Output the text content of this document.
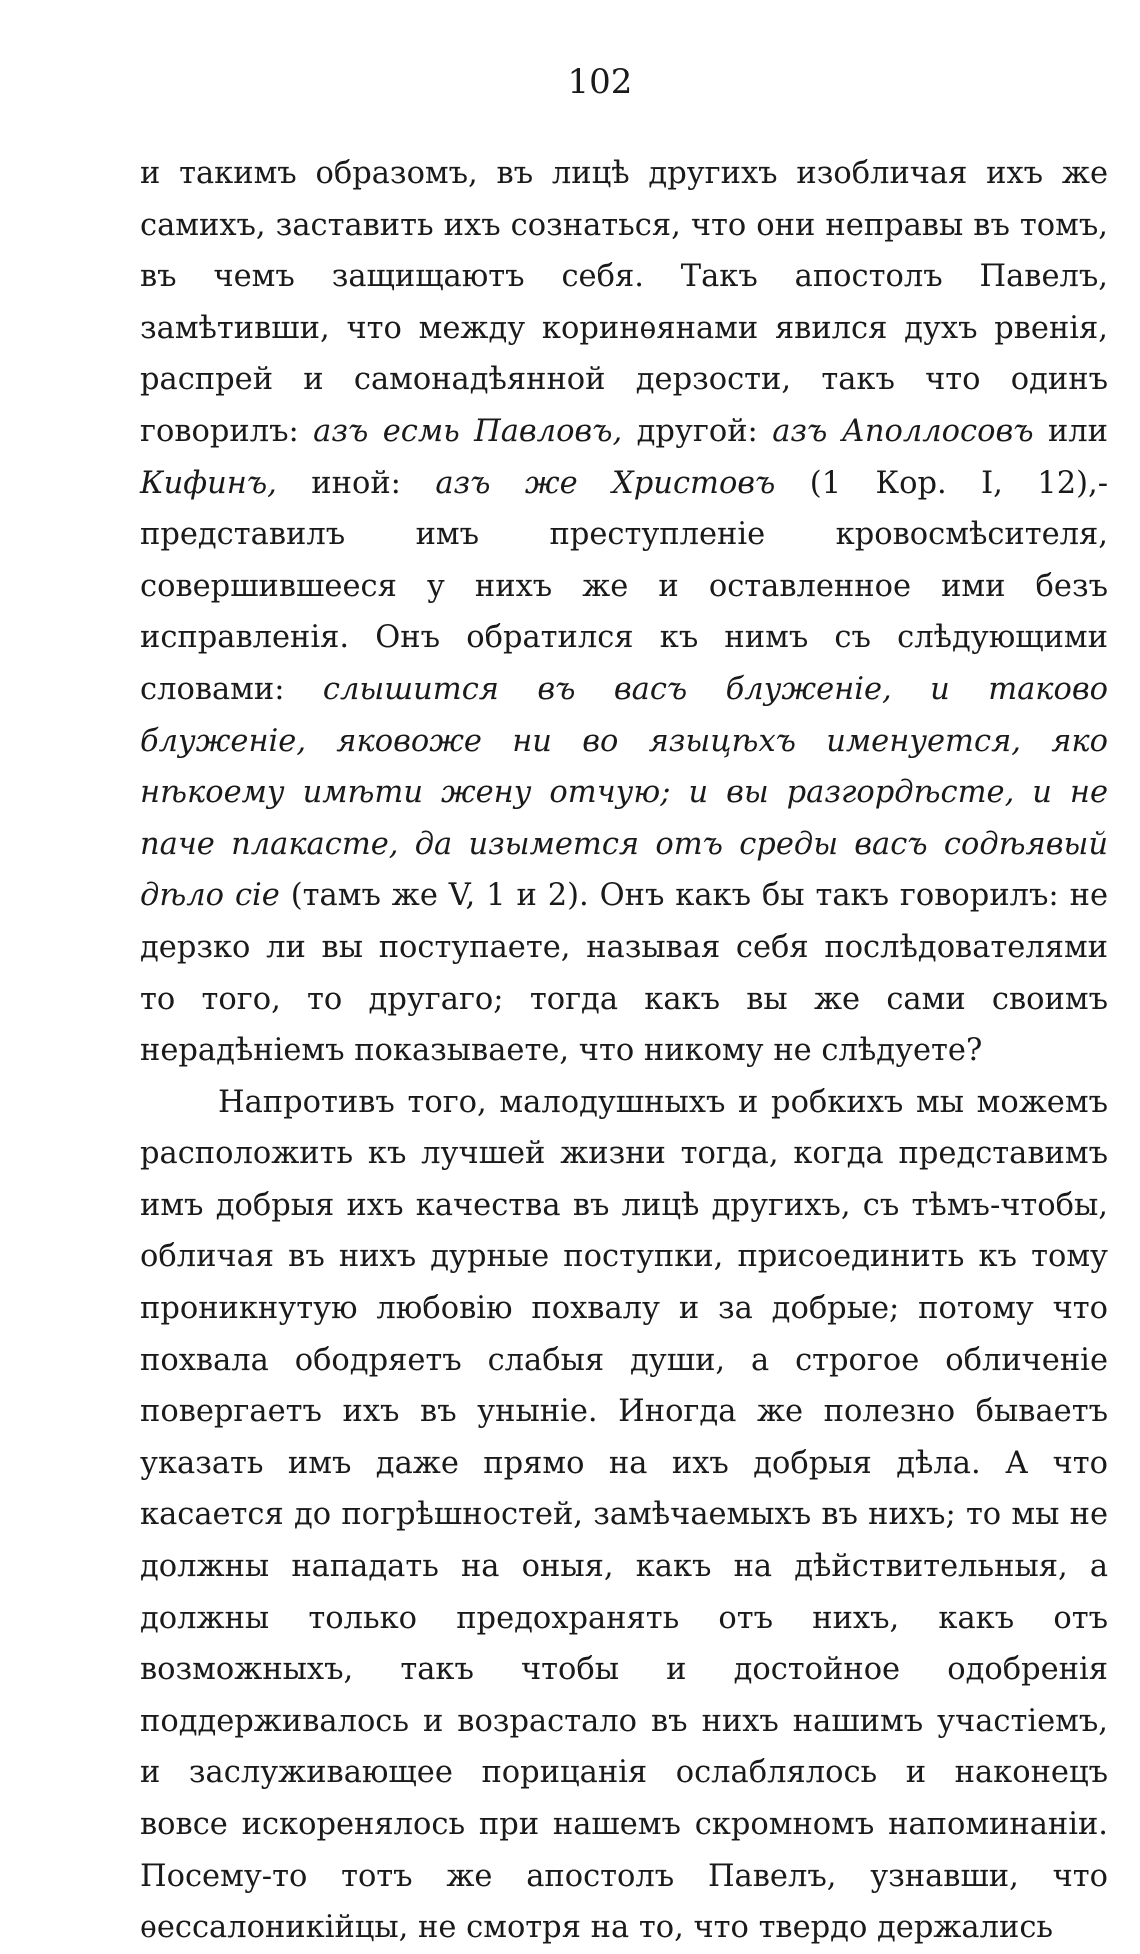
102

и такимъ образомъ, въ лицѣ другихъ изобличая ихъ же самихъ, заставить ихъ сознаться, что они неправы въ томъ, въ чемъ защищаютъ себя. Такъ апостолъ Павелъ, замѣтивши, что между коринѳянами явился духъ рвенія, распрей и самонадѣянной дерзости, такъ что одинъ говорилъ: азъ есмь Павловъ, другой: азъ Аполлосовъ или Кифинъ, иной: азъ же Христовъ (1 Кор. I, 12),-представилъ имъ преступленіе кровосмѣсителя, совершившееся у нихъ же и оставленное ими безъ исправленія. Онъ обратился къ нимъ съ слѣдующими словами: слышится въ васъ блуженіе, и таково блуженіе, яковоже ни во языцѣхъ именуется, яко нѣкоему имѣти жену отчую; и вы разгордѣсте, и не паче плакасте, да изымется отъ среды васъ содѣявый дѣло сіе (тамъ же V, 1 и 2). Онъ какъ бы такъ говорилъ: не дерзко ли вы поступаете, называя себя послѣдователями то того, то другаго; тогда какъ вы же сами своимъ нерадѣніемъ показываете, что никому не слѣдуете?

Напротивъ того, малодушныхъ и робкихъ мы можемъ расположить къ лучшей жизни тогда, когда представимъ имъ добрыя ихъ качества въ лицѣ другихъ, съ тѣмъ-чтобы, обличая въ нихъ дурные поступки, присоединить къ тому проникнутую любовію похвалу и за добрые; потому что похвала ободряетъ слабыя души, а строгое обличеніе повергаетъ ихъ въ уныніе. Иногда же полезно бываетъ указать имъ даже прямо на ихъ добрыя дѣла. А что касается до погрѣшностей, замѣчаемыхъ въ нихъ; то мы не должны нападать на оныя, какъ на дѣйствительныя, а должны только предохранять отъ нихъ, какъ отъ возможныхъ, такъ чтобы и достойное одобренія поддерживалось и возрастало въ нихъ нашимъ участіемъ, и заслуживающее порицанія ослаблялось и наконецъ вовсе искоренялось при нашемъ скромномъ напоминаніи. Посему-то тотъ же апостолъ Павелъ, узнавши, что ѳессалоникійцы, не смотря на то, что твердо держались
